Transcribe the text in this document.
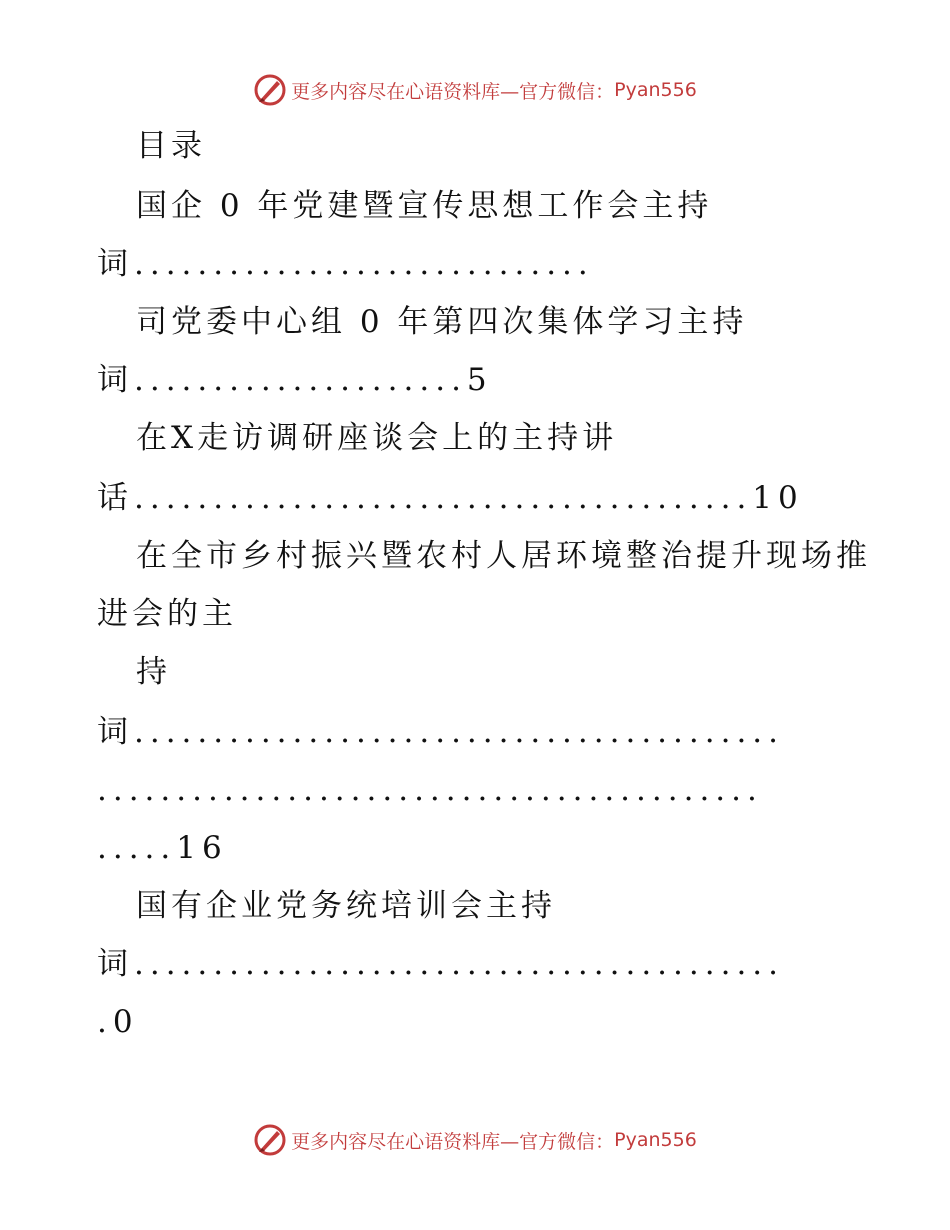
更多内容尽在心语资料库—官方微信： Pyan556
目录
国企 0 年党建暨宣传思想工作会主持
词.............................
司党委中心组 0 年第四次集体学习主持
词.....................5
在X走访调研座谈会上的主持讲
话.......................................10
在全市乡村振兴暨农村人居环境整治提升现场推
进会的主
持
词.........................................
..........................................
.....16
国有企业党务统培训会主持
词.........................................
.0
更多内容尽在心语资料库—官方微信： Pyan556
